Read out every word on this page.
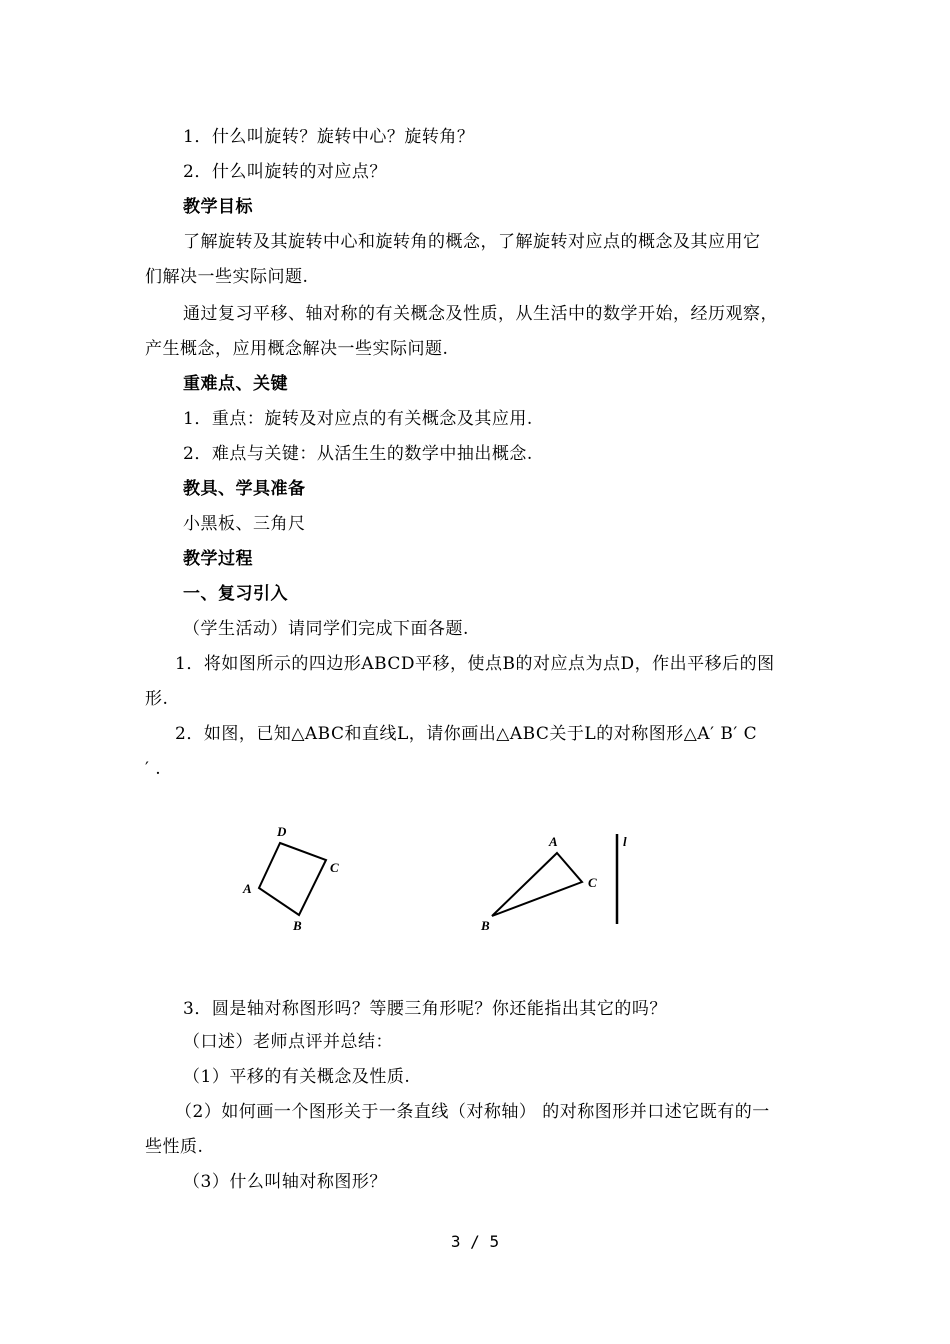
1．什么叫旋转？旋转中心？旋转角？
2．什么叫旋转的对应点？
教学目标
了解旋转及其旋转中心和旋转角的概念，了解旋转对应点的概念及其应用它
们解决一些实际问题.
通过复习平移、轴对称的有关概念及性质，从生活中的数学开始，经历观察，
产生概念，应用概念解决一些实际问题.
重难点、关键
1．重点：旋转及对应点的有关概念及其应用.
2．难点与关键：从活生生的数学中抽出概念.
教具、学具准备
小黑板、三角尺
教学过程
一、复习引入
（学生活动）请同学们完成下面各题.
1．将如图所示的四边形ABCD平移，使点B的对应点为点D，作出平移后的图
形.
2．如图，已知△ABC和直线L，请你画出△ABC关于L的对称图形△A′ B′ C
′ .
D
C
A
B
A
C
B
l
3．圆是轴对称图形吗？等腰三角形呢？你还能指出其它的吗？
（口述）老师点评并总结：
（1）平移的有关概念及性质.
（2）如何画一个图形关于一条直线（对称轴） 的对称图形并口述它既有的一
些性质.
（3）什么叫轴对称图形？
3 / 5
